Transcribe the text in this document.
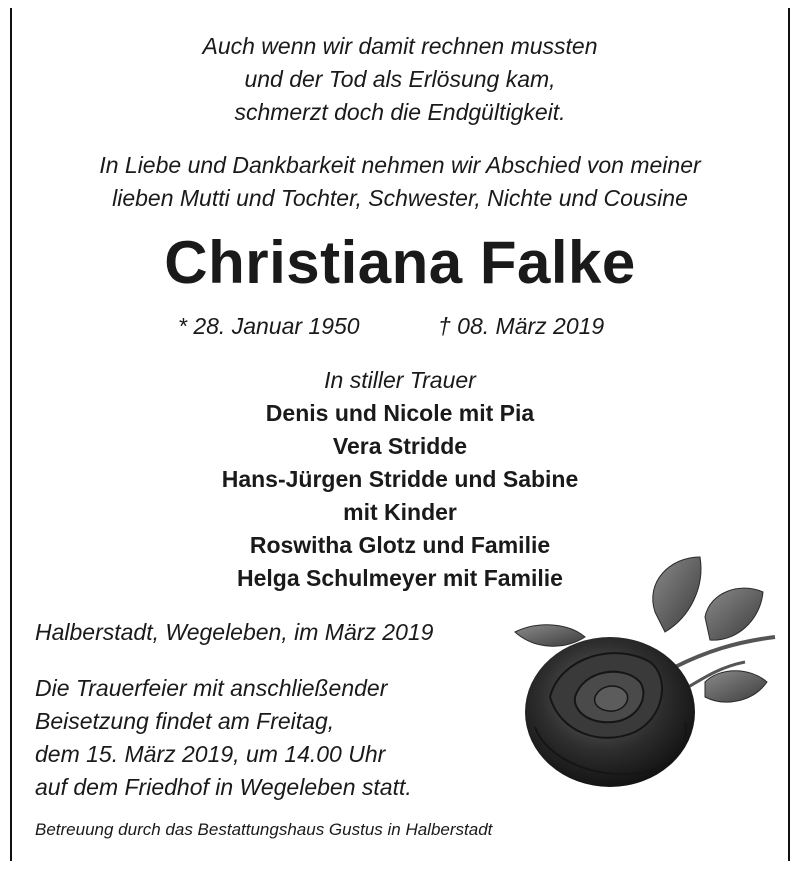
Auch wenn wir damit rechnen mussten
und der Tod als Erlösung kam,
schmerzt doch die Endgültigkeit.
In Liebe und Dankbarkeit nehmen wir Abschied von meiner
lieben Mutti und Tochter, Schwester, Nichte und Cousine
Christiana Falke
* 28. Januar 1950	† 08. März 2019
In stiller Trauer
Denis und Nicole mit Pia
Vera Stridde
Hans-Jürgen Stridde und Sabine
mit Kinder
Roswitha Glotz und Familie
Helga Schulmeyer mit Familie
Halberstadt, Wegeleben, im März 2019
Die Trauerfeier mit anschließender
Beisetzung findet am Freitag,
dem 15. März 2019, um 14.00 Uhr
auf dem Friedhof in Wegeleben statt.
Betreuung durch das Bestattungshaus Gustus in Halberstadt
